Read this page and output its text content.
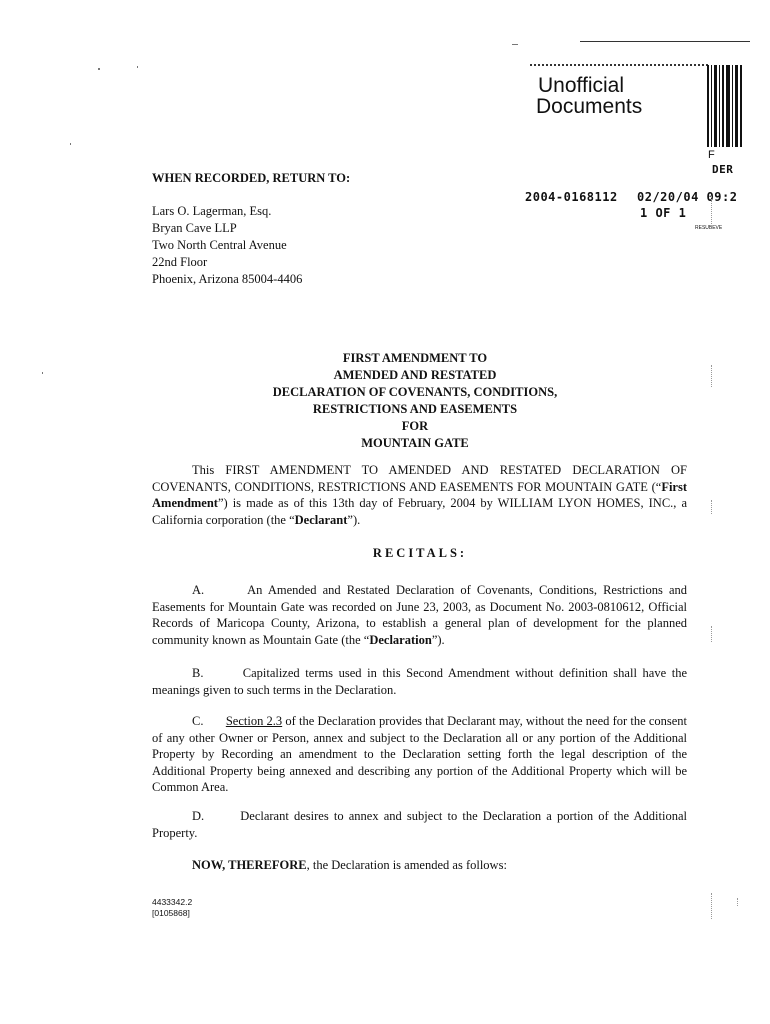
Unofficial
Documents
F
DER
2004-0168112 02/20/04 09:2
1 OF 1
RESUBEVE
WHEN RECORDED, RETURN TO:
Lars O. Lagerman, Esq.
Bryan Cave LLP
Two North Central Avenue
22nd Floor
Phoenix, Arizona 85004-4406
FIRST AMENDMENT TO
AMENDED AND RESTATED
DECLARATION OF COVENANTS, CONDITIONS,
RESTRICTIONS AND EASEMENTS
FOR
MOUNTAIN GATE
This FIRST AMENDMENT TO AMENDED AND RESTATED DECLARATION OF COVENANTS, CONDITIONS, RESTRICTIONS AND EASEMENTS FOR MOUNTAIN GATE (“First Amendment”) is made as of this 13th day of February, 2004 by WILLIAM LYON HOMES, INC., a California corporation (the “Declarant”).
RECITALS:
A.	An Amended and Restated Declaration of Covenants, Conditions, Restrictions and Easements for Mountain Gate was recorded on June 23, 2003, as Document No. 2003-0810612, Official Records of Maricopa County, Arizona, to establish a general plan of development for the planned community known as Mountain Gate (the “Declaration”).
B.	Capitalized terms used in this Second Amendment without definition shall have the meanings given to such terms in the Declaration.
C. Section 2.3 of the Declaration provides that Declarant may, without the need for the consent of any other Owner or Person, annex and subject to the Declaration all or any portion of the Additional Property by Recording an amendment to the Declaration setting forth the legal description of the Additional Property being annexed and describing any portion of the Additional Property which will be Common Area.
D.	Declarant desires to annex and subject to the Declaration a portion of the Additional Property.
NOW, THEREFORE, the Declaration is amended as follows:
4433342.2
[0105868]
